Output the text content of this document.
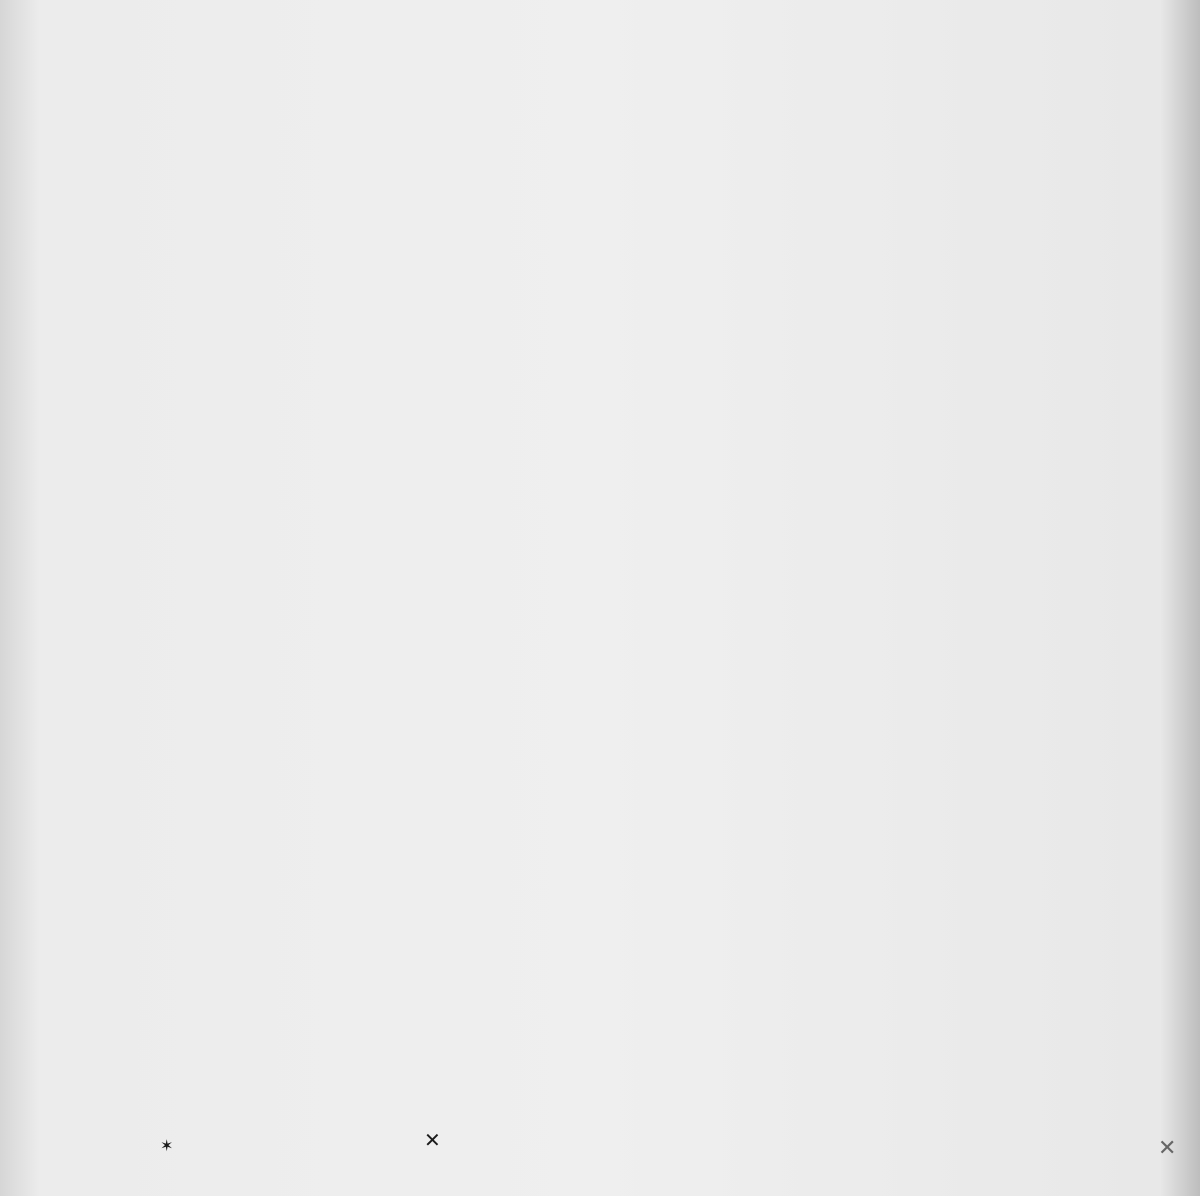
✶	✕	✕
